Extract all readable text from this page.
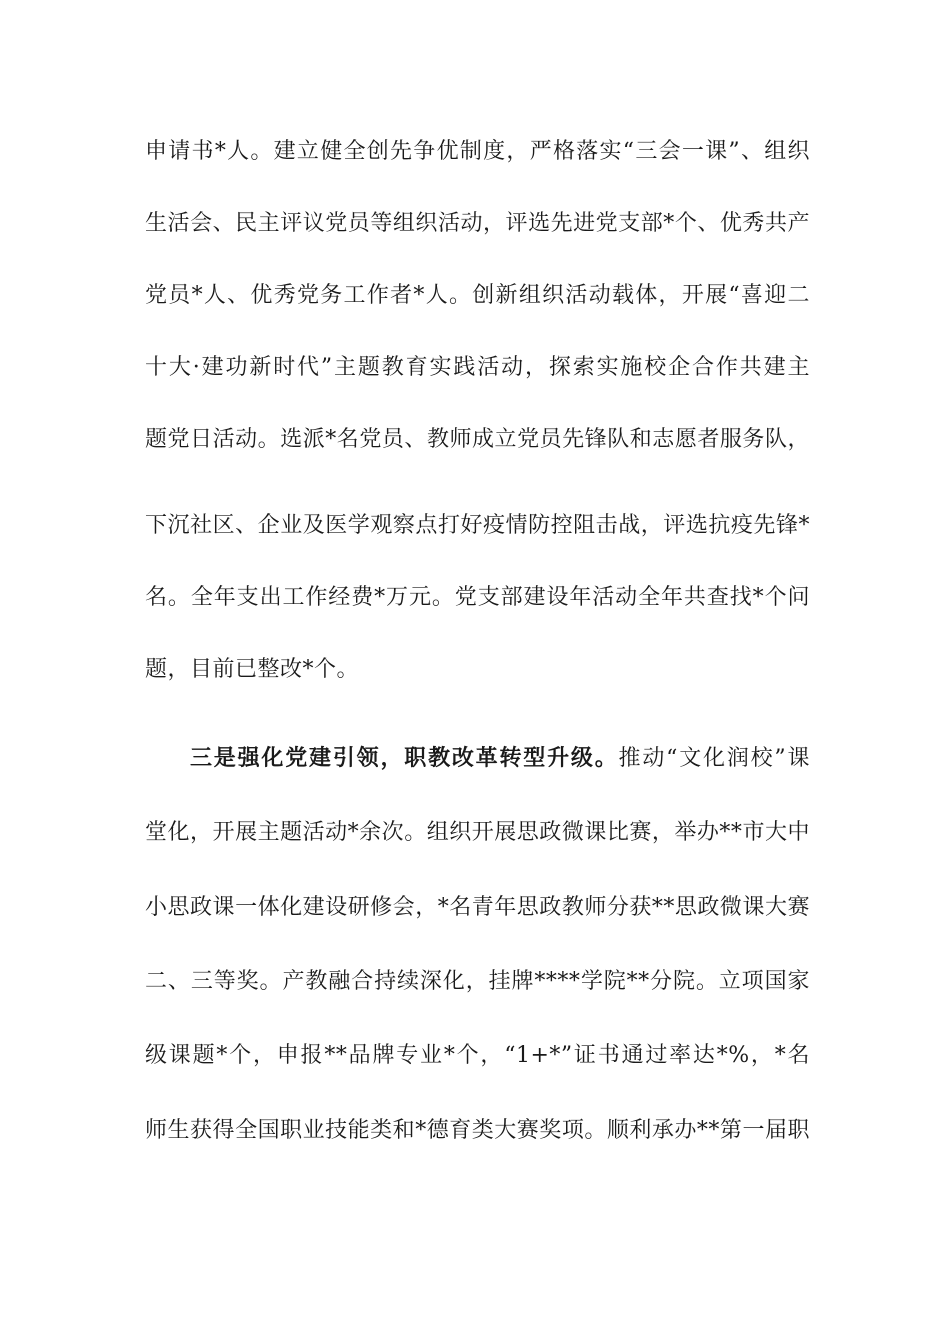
申请书*人。建立健全创先争优制度，严格落实“三会一课”、组织
生活会、民主评议党员等组织活动，评选先进党支部*个、优秀共产
党员*人、优秀党务工作者*人。创新组织活动载体，开展“喜迎二
十大·建功新时代”主题教育实践活动，探索实施校企合作共建主
题党日活动。选派*名党员、教师成立党员先锋队和志愿者服务队，
下沉社区、企业及医学观察点打好疫情防控阻击战，评选抗疫先锋*
名。全年支出工作经费*万元。党支部建设年活动全年共查找*个问
题，目前已整改*个。
三是强化党建引领，职教改革转型升级。推动“文化润校”课
堂化，开展主题活动*余次。组织开展思政微课比赛，举办**市大中
小思政课一体化建设研修会，*名青年思政教师分获**思政微课大赛
二、三等奖。产教融合持续深化，挂牌****学院**分院。立项国家
级课题*个，申报**品牌专业*个，“1+*”证书通过率达*%，*名
师生获得全国职业技能类和*德育类大赛奖项。顺利承办**第一届职
